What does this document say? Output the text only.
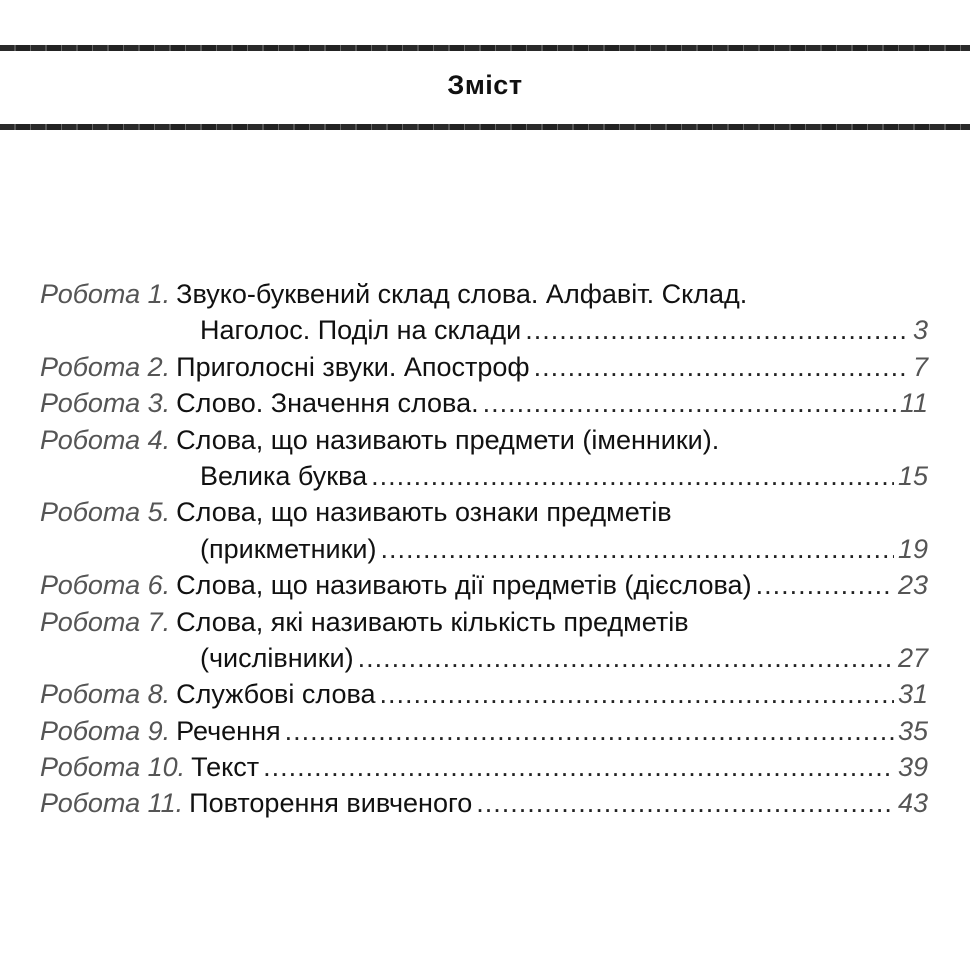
Зміст
Робота 1. Звуко-буквений склад слова. Алфавіт. Склад.
Наголос. Поділ на склади .....	3
Робота 2. Приголосні звуки. Апостроф .....	7
Робота 3. Слово. Значення слова. .....	11
Робота 4. Слова, що називають предмети (іменники).
Велика буква .....	15
Робота 5. Слова, що називають ознаки предметів
(прикметники) .....	19
Робота 6. Слова, що називають дії предметів (дієслова) .....	23
Робота 7. Слова, які називають кількість предметів
(числівники) .....	27
Робота 8. Службові слова .....	31
Робота 9. Речення .....	35
Робота 10. Текст .....	39
Робота 11. Повторення вивченого .....	43
